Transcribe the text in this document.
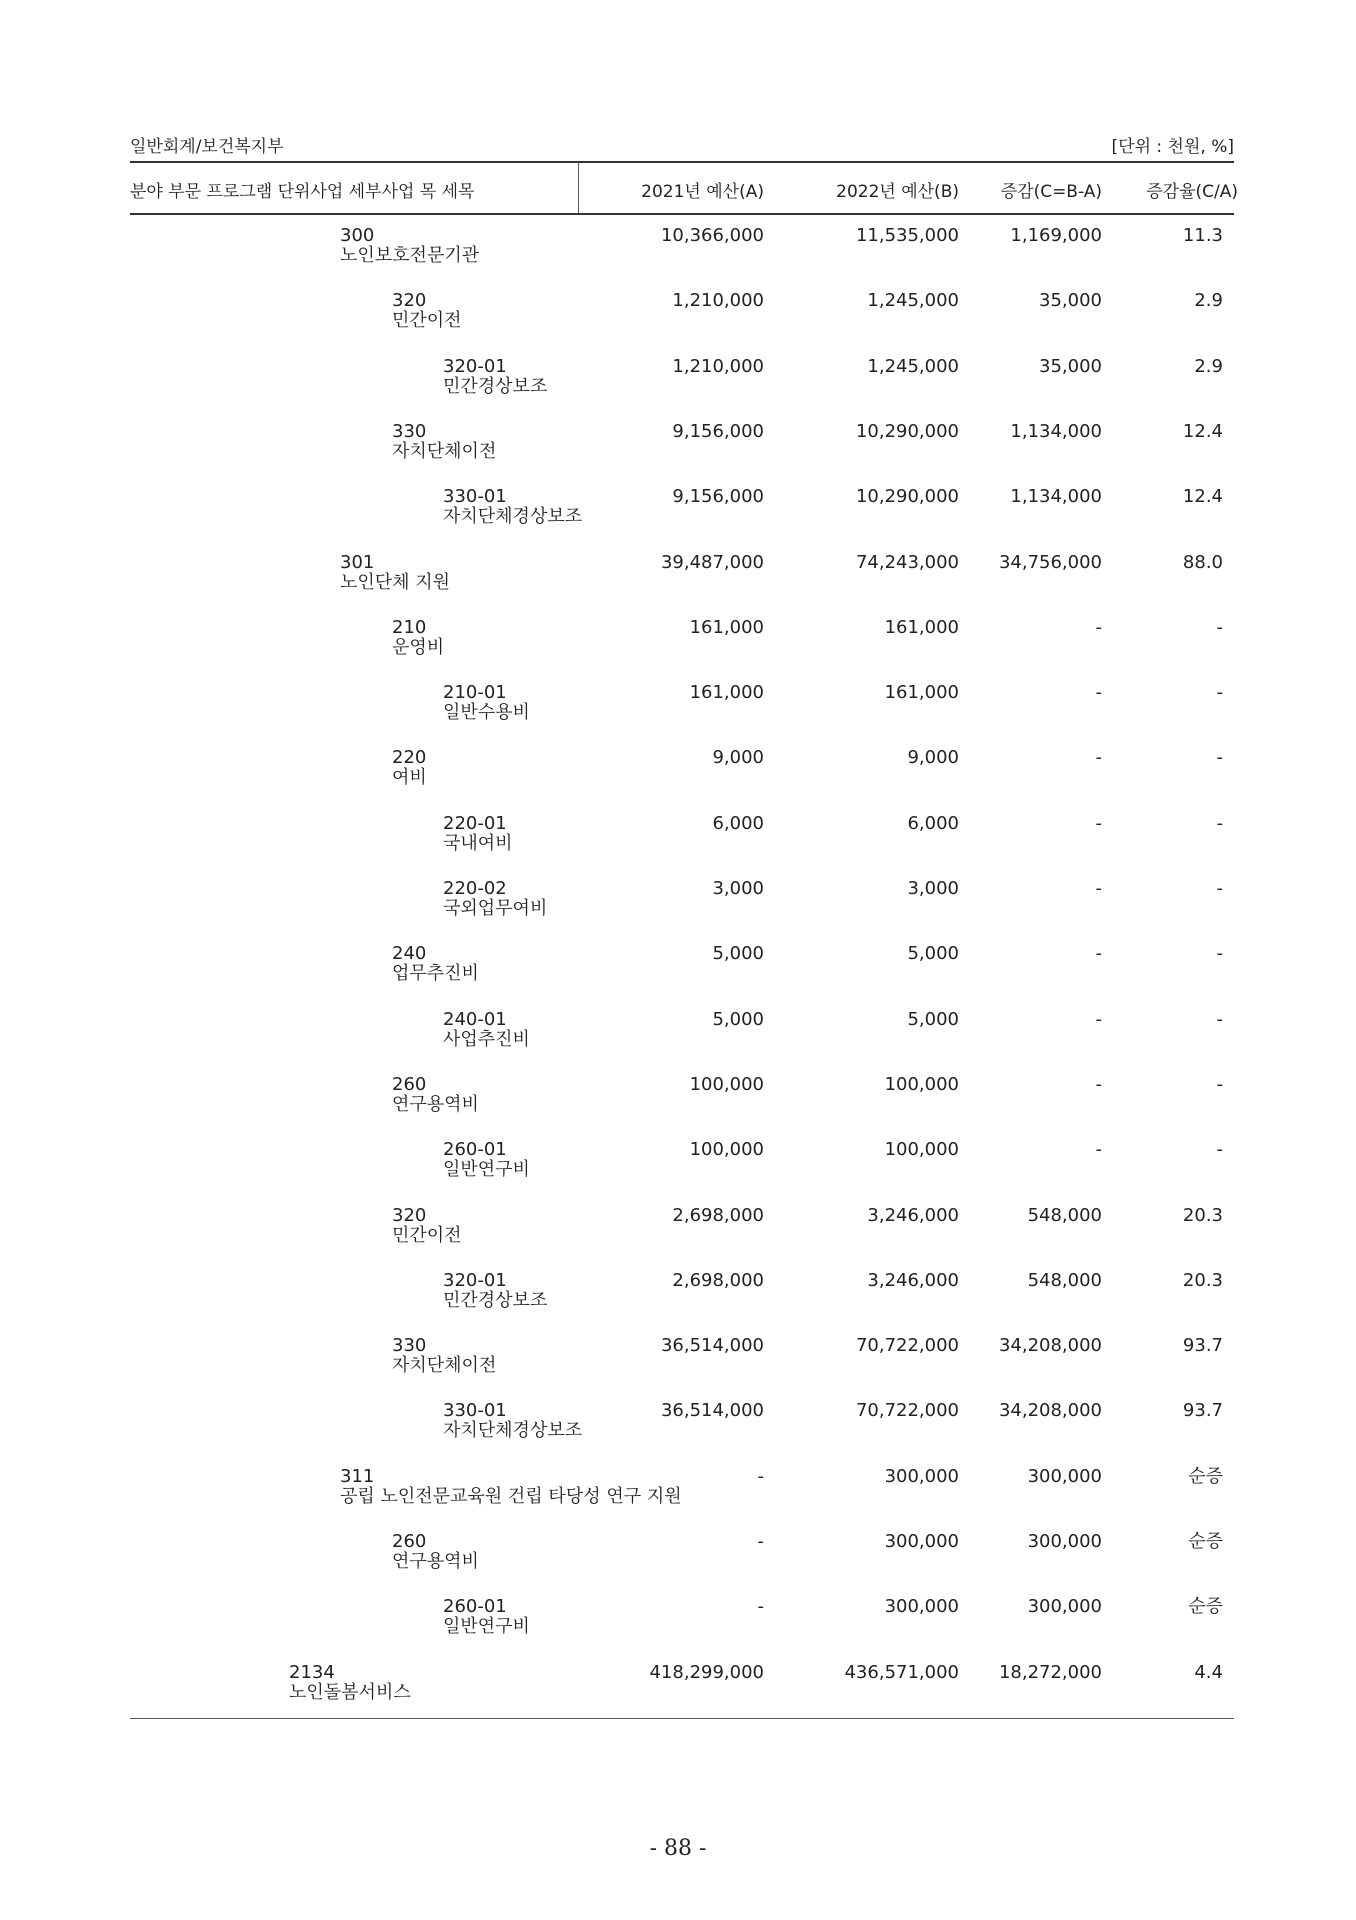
일반회계/보건복지부	[단위 : 천원, %]
분야 부문 프로그램 단위사업 세부사업 목 세목	2021년 예산(A)	2022년 예산(B) 증감(C=B-A)	증감율(C/A)
300
노인보호전문기관
10,366,000	11,535,000	1,169,000	11.3
320
민간이전
1,210,000	1,245,000	35,000	2.9
320-01
민간경상보조
1,210,000	1,245,000	35,000	2.9
330
자치단체이전
9,156,000	10,290,000	1,134,000	12.4
330-01
자치단체경상보조
9,156,000	10,290,000	1,134,000	12.4
301
노인단체 지원
39,487,000	74,243,000 34,756,000	88.0
210
운영비
161,000	161,000	-	-
210-01
일반수용비
161,000	161,000	-	-
220
여비
9,000	9,000	-	-
220-01
국내여비
6,000	6,000	-	-
220-02
국외업무여비
3,000	3,000	-	-
240
업무추진비
5,000	5,000	-	-
240-01
사업추진비
5,000	5,000	-	-
260
연구용역비
100,000	100,000	-	-
260-01
일반연구비
100,000	100,000	-	-
320
민간이전
2,698,000	3,246,000	548,000	20.3
320-01
민간경상보조
2,698,000	3,246,000	548,000	20.3
330
자치단체이전
36,514,000	70,722,000 34,208,000	93.7
330-01
자치단체경상보조
36,514,000	70,722,000 34,208,000	93.7
311
공립 노인전문교육원 건립 타당성 연구 지원
-	300,000	300,000	순증
260
연구용역비
-	300,000	300,000	순증
260-01
일반연구비
-	300,000	300,000	순증
2134
노인돌봄서비스
418,299,000	436,571,000 18,272,000	4.4
- 88 -
